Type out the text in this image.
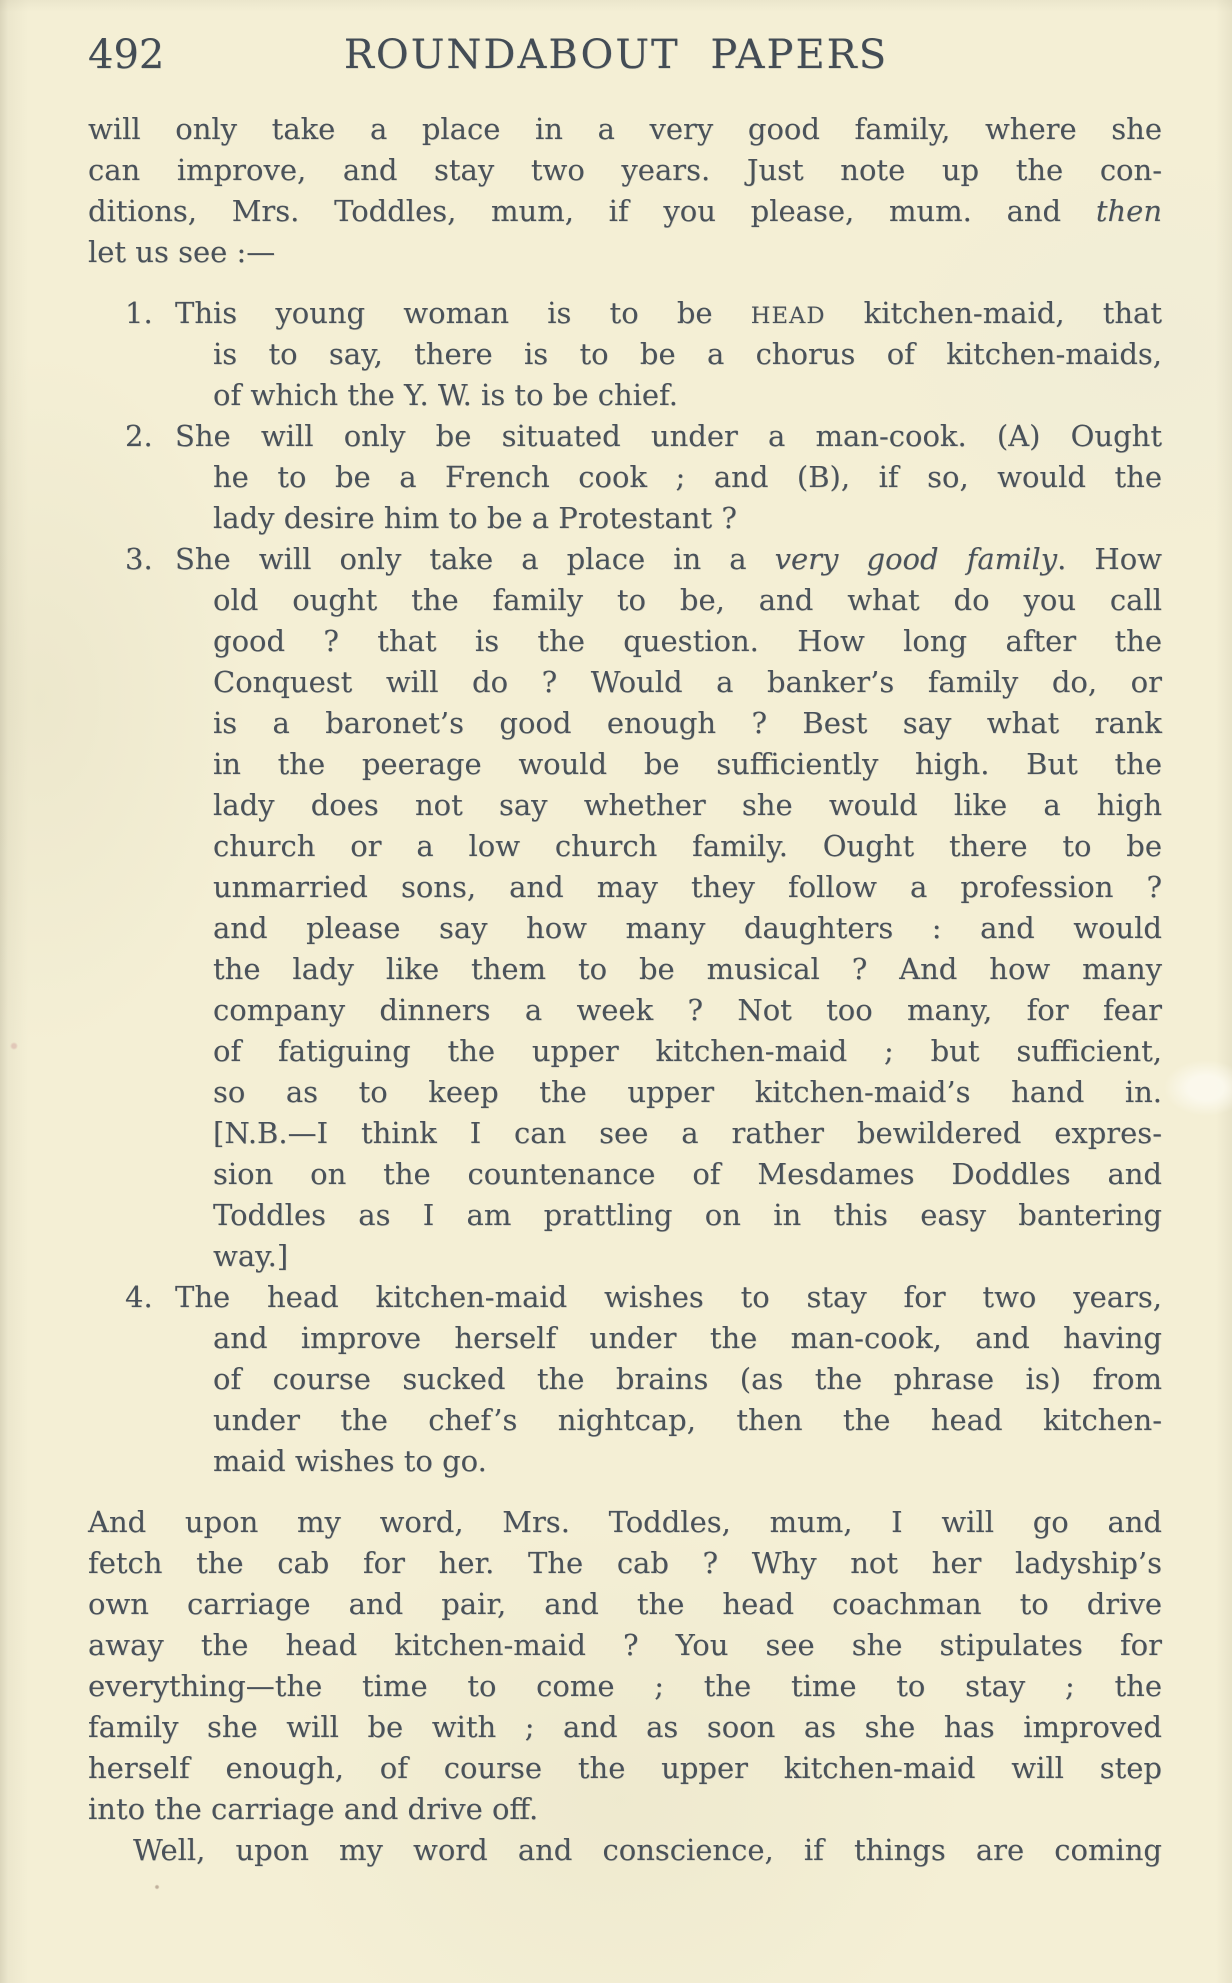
492	ROUNDABOUT PAPERS
will only take a place in a very good family, where she
can improve, and stay two years. Just note up the con-
ditions, Mrs. Toddles, mum, if you please, mum. and then
let us see :—
1. This young woman is to be HEAD kitchen-maid, that
is to say, there is to be a chorus of kitchen-maids,
of which the Y. W. is to be chief.
2. She will only be situated under a man-cook. (A) Ought
he to be a French cook ; and (B), if so, would the
lady desire him to be a Protestant ?
3. She will only take a place in a very good family. How
old ought the family to be, and what do you call
good ? that is the question. How long after the
Conquest will do ? Would a banker’s family do, or
is a baronet’s good enough ? Best say what rank
in the peerage would be sufficiently high. But the
lady does not say whether she would like a high
church or a low church family. Ought there to be
unmarried sons, and may they follow a profession ?
and please say how many daughters : and would
the lady like them to be musical ? And how many
company dinners a week ? Not too many, for fear
of fatiguing the upper kitchen-maid ; but sufficient,
so as to keep the upper kitchen-maid’s hand in.
[N.B.—I think I can see a rather bewildered expres-
sion on the countenance of Mesdames Doddles and
Toddles as I am prattling on in this easy bantering
way.]
4. The head kitchen-maid wishes to stay for two years,
and improve herself under the man-cook, and having
of course sucked the brains (as the phrase is) from
under the chef’s nightcap, then the head kitchen-
maid wishes to go.
And upon my word, Mrs. Toddles, mum, I will go and
fetch the cab for her. The cab ? Why not her ladyship’s
own carriage and pair, and the head coachman to drive
away the head kitchen-maid ? You see she stipulates for
everything—the time to come ; the time to stay ; the
family she will be with ; and as soon as she has improved
herself enough, of course the upper kitchen-maid will step
into the carriage and drive off.
Well, upon my word and conscience, if things are coming
